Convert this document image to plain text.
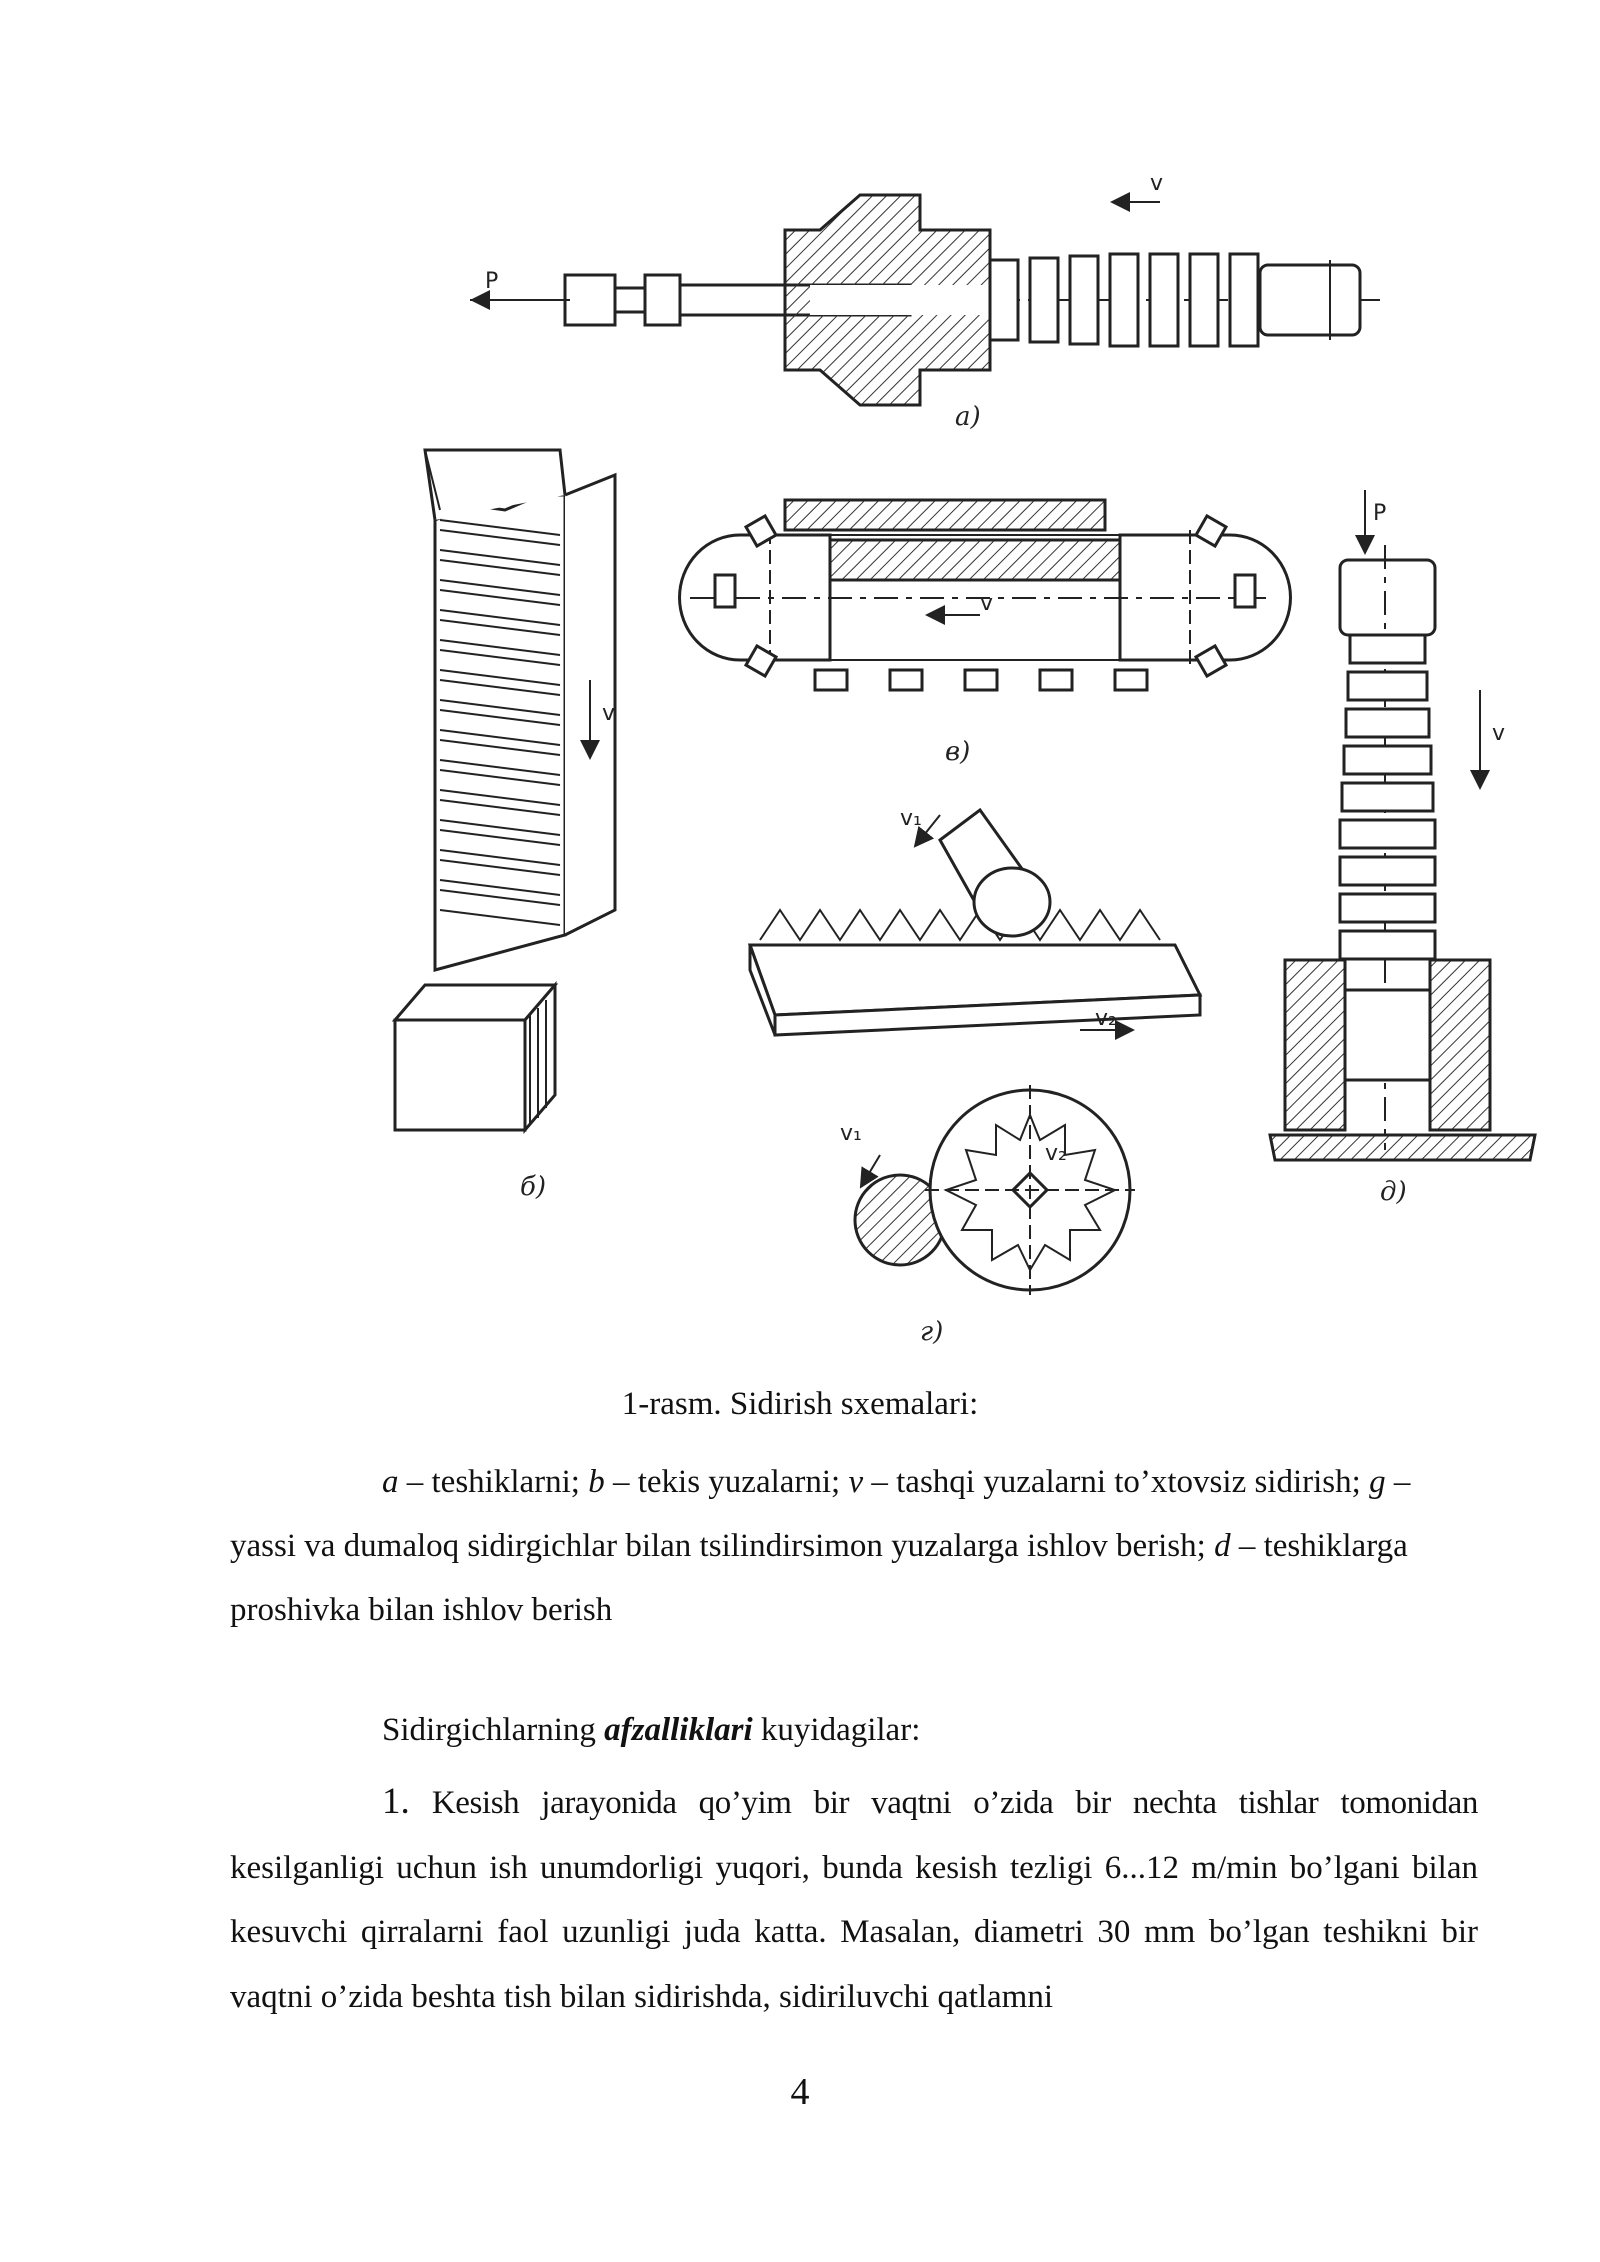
P
v
a)
v
б)
v
в)
v₁
v₂
v₁
v₂
г)
P
v
д)
1-rasm. Sidirish sxemalari:
a – teshiklarni; b – tekis yuzalarni; v – tashqi yuzalarni to’xtovsiz sidirish; g – yassi va dumaloq sidirgichlar bilan tsilindirsimon yuzalarga ishlov berish; d – teshiklarga proshivka bilan ishlov berish
Sidirgichlarning afzalliklari kuyidagilar:
1. Kesish jarayonida qo’yim bir vaqtni o’zida bir nechta tishlar tomonidan kesilganligi uchun ish unumdorligi yuqori, bunda kesish tezligi 6...12 m/min bo’lgani bilan kesuvchi qirralarni faol uzunligi juda katta. Masalan, diametri 30 mm bo’lgan teshikni bir vaqtni o’zida beshta tish bilan sidirishda, sidiriluvchi qatlamni
4
